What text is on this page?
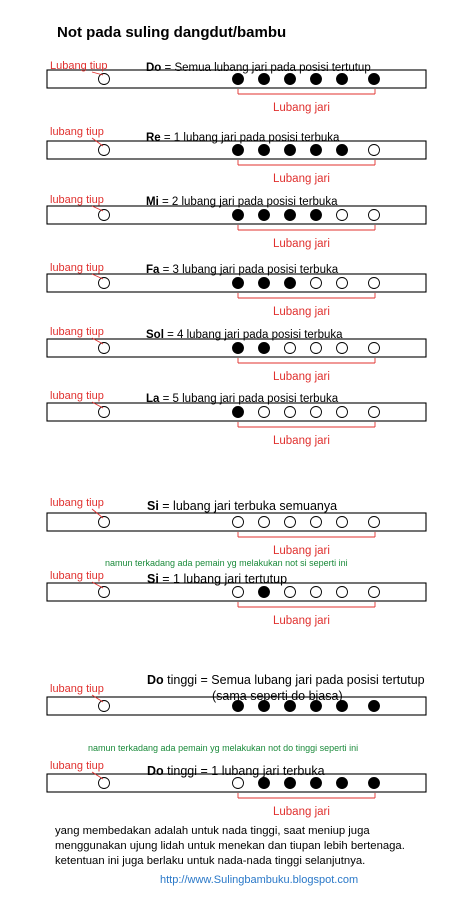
Not pada suling dangdut/bambu
Lubang tiup	Do = Semua lubang jari pada posisi tertutup
Lubang jari
lubang tiup	Re = 1 lubang jari pada posisi terbuka
Lubang jari
lubang tiup	Mi = 2 lubang jari pada posisi terbuka
Lubang jari
lubang tiup	Fa = 3 lubang jari pada posisi terbuka
Lubang jari
lubang tiup	Sol = 4 lubang jari pada posisi terbuka
Lubang jari
lubang tiup	La = 5 lubang jari pada posisi terbuka
Lubang jari
lubang tiup	Si = lubang jari terbuka semuanya
Lubang jari
lubang tiup	Si = 1 lubang jari tertutup
Lubang jari
lubang tiup
Do tinggi = Semua lubang jari pada posisi tertutup
lubang tiup	Do tinggi = 1 lubang jari terbuka
Lubang jari
namun terkadang ada pemain yg melakukan not si seperti ini
namun terkadang ada pemain yg melakukan not do tinggi seperti ini
(sama seperti do biasa)
yang membedakan adalah untuk nada tinggi, saat meniup juga
menggunakan ujung lidah untuk menekan dan tiupan lebih bertenaga.
ketentuan ini juga berlaku untuk nada-nada tinggi selanjutnya.
http://www.Sulingbambuku.blogspot.com
